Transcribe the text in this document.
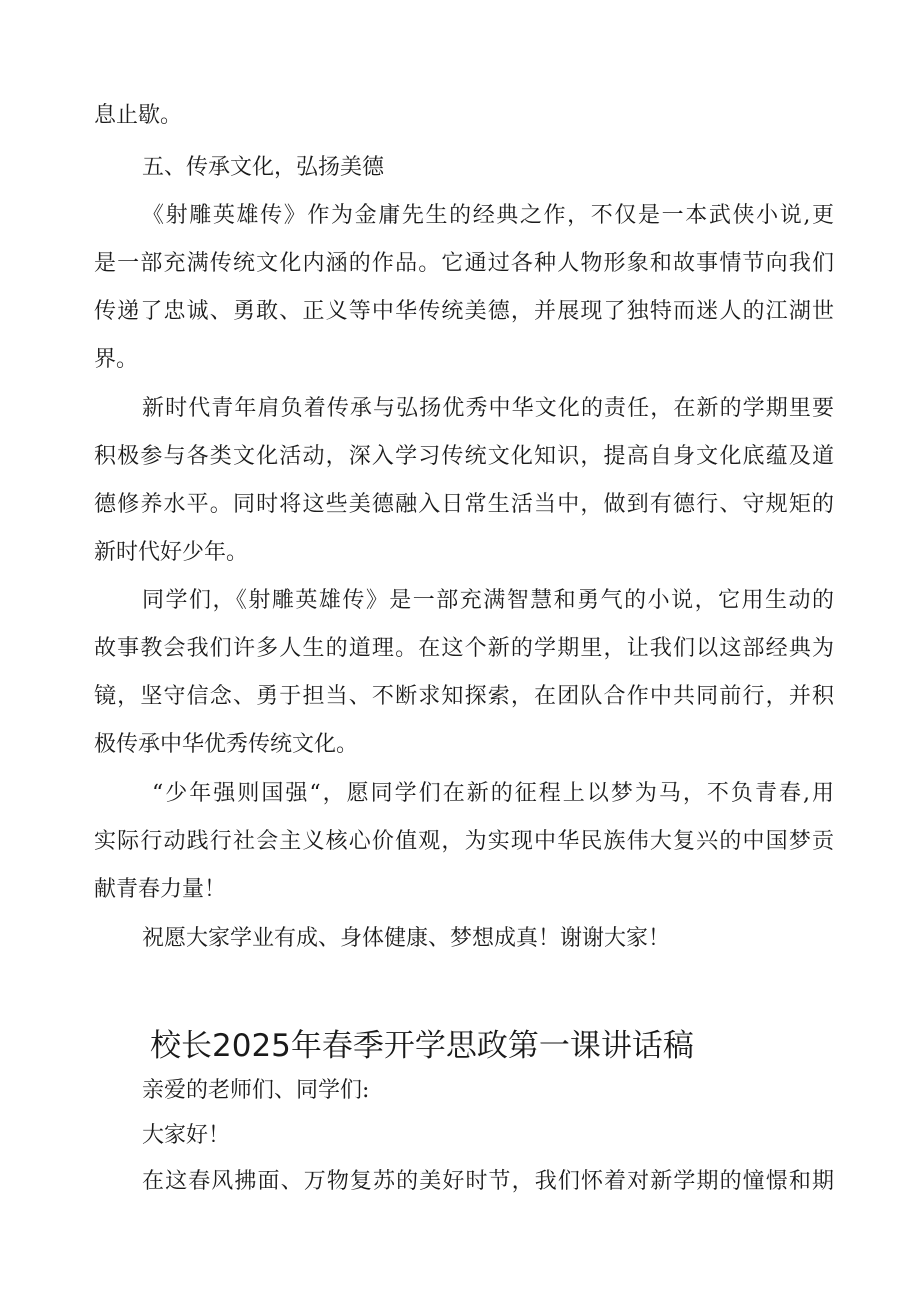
息止歇。
五、传承文化，弘扬美德
《射雕英雄传》作为金庸先生的经典之作，不仅是一本武侠小说,更
是一部充满传统文化内涵的作品。它通过各种人物形象和故事情节向我们
传递了忠诚、勇敢、正义等中华传统美德，并展现了独特而迷人的江湖世
界。
新时代青年肩负着传承与弘扬优秀中华文化的责任，在新的学期里要
积极参与各类文化活动，深入学习传统文化知识，提高自身文化底蕴及道
德修养水平。同时将这些美德融入日常生活当中，做到有德行、守规矩的
新时代好少年。
同学们，《射雕英雄传》是一部充满智慧和勇气的小说，它用生动的
故事教会我们许多人生的道理。在这个新的学期里，让我们以这部经典为
镜，坚守信念、勇于担当、不断求知探索，在团队合作中共同前行，并积
极传承中华优秀传统文化。
“少年强则国强“，愿同学们在新的征程上以梦为马，不负青春,用
实际行动践行社会主义核心价值观，为实现中华民族伟大复兴的中国梦贡
献青春力量！
祝愿大家学业有成、身体健康、梦想成真！谢谢大家！
校长2025年春季开学思政第一课讲话稿
亲爱的老师们、同学们:
大家好！
在这春风拂面、万物复苏的美好时节，我们怀着对新学期的憧憬和期
